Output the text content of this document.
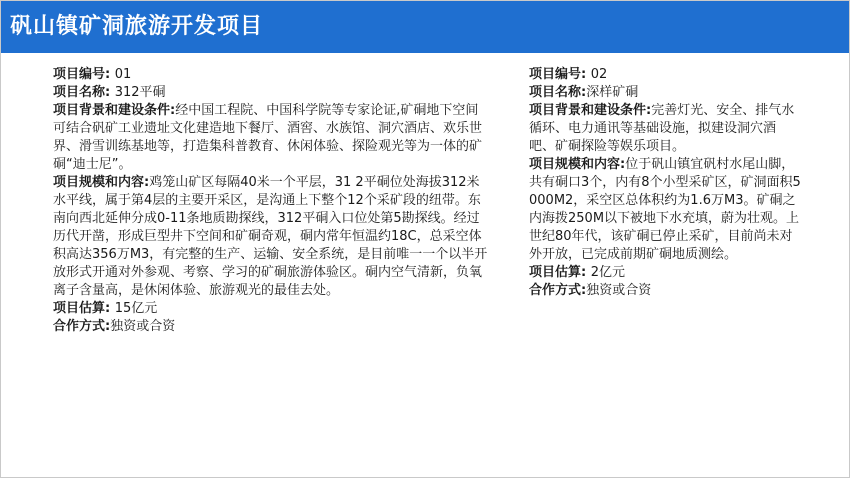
矾山镇矿洞旅游开发项目

项目编号: 01

项目名称: 312平硐

项目背景和建设条件:经中国工程院、中国科学院等专家论证,矿硐地下空间可结合矾矿工业遗址文化建造地下餐厅、酒窖、水族馆、洞穴酒店、欢乐世界、滑雪训练基地等，打造集科普教育、休闲体验、探险观光等为一体的矿硐“迪士尼”。

项目规模和内容:鸡笼山矿区每隔40米一个平层，31 2平硐位处海拔312米水平线，属于第4层的主要开采区，是沟通上下整个12个采矿段的纽带。东南向西北延伸分成0-11条地质勘探线，312平硐入口位处第5勘探线。经过历代开凿，形成巨型井下空间和矿硐奇观，硐内常年恒温约18C，总采空体积高达356万M3，有完整的生产、运输、安全系统，是目前唯一一个以半开放形式开通对外参观、考察、学习的矿硐旅游体验区。硐内空气清新，负氧离子含量高，是休闲体验、旅游观光的最佳去处。

项目估算: 15亿元

合作方式:独资或合资

项目编号: 02

项目名称:深样矿硐

项目背景和建设条件:完善灯光、安全、排气水循环、电力通讯等基础设施，拟建设洞穴酒吧、矿硐探险等娱乐项目。

项目规模和内容:位于矾山镇宜矾村水尾山脚，共有硐口3个，内有8个小型采矿区，矿洞面积5000M2，采空区总体积约为1.6万M3。矿硐之内海拨250M以下被地下水充填，蔚为壮观。上世纪80年代，该矿硐已停止采矿，目前尚未对外开放，已完成前期矿硐地质测绘。

项目估算: 2亿元

合作方式:独资或合资
